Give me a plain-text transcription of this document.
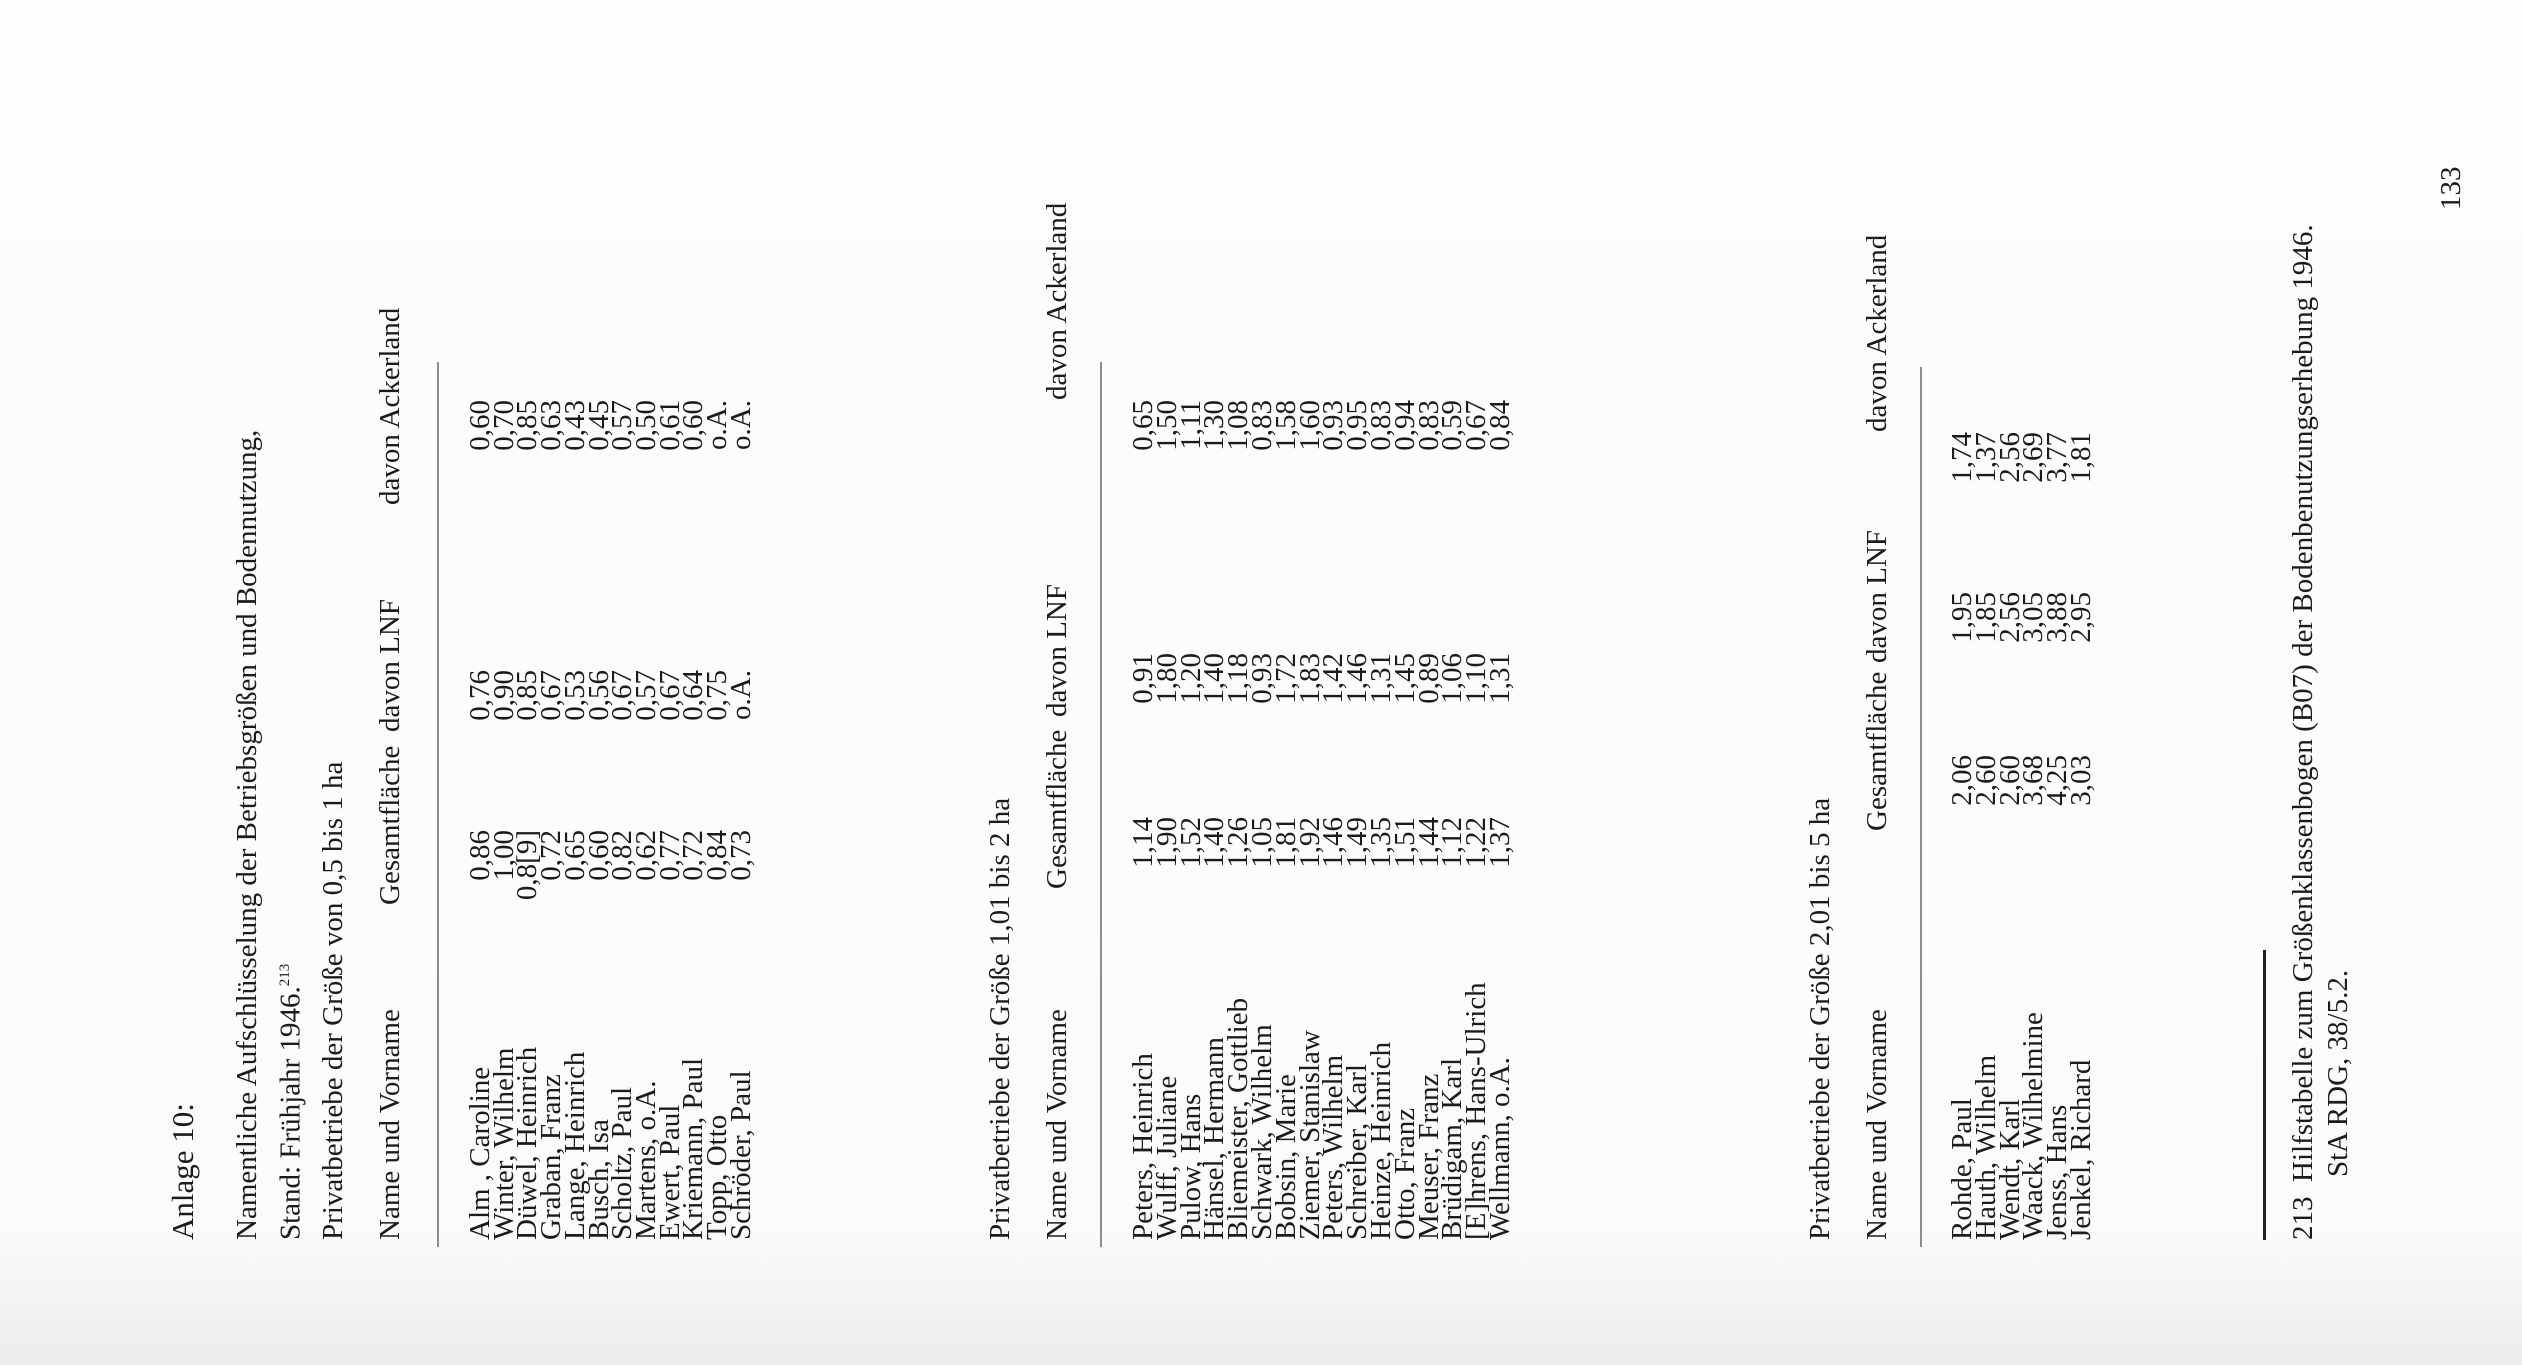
Anlage 10: Namentliche Aufschlüsselung der Betriebsgrößen und Bodennutzung, Stand: Frühjahr 1946.$^{213}$ Privatbetriebe der Größe von 0,5 bis 1 ha Name und Vorname
Gesamtfläche
davon LNF
davon Ackerland
Alm , Caroline
0,86
0,76
0,60
Winter, Wilhelm
1,00
0,90
0,70
Düwel, Heinrich
0,8[9]
0,85
0,85
Graban, Franz
0,72
0,67
0,63
Lange, Heinrich
0,65
0,53
0,43
Busch, Isa
0,60
0,56
0,45
Scholtz, Paul
0,82
0,67
0,57
Martens, o.A.
0,62
0,57
0,50
Ewert, Paul
0,77
0,67
0,61
Kriemann, Paul
0,72
0,64
0,60
Topp, Otto
0,84
0,75
o.A.
Schröder, Paul
0,73
o.A.
o.A.
Privatbetriebe der Größe 1,01 bis 2 ha Name und Vorname
Gesamtfläche
davon LNF
davon Ackerland
Peters, Heinrich
1,14
0,91
0,65
Wulff, Juliane
1,90
1,80
1,50
Pulow, Hans
1,52
1,20
1,11
Hänsel, Hermann
1,40
1,40
1,30
Bliemeister, Gottlieb
1,26
1,18
1,08
Schwark, Wilhelm
1,05
0,93
0,83
Bobsin, Marie
1,81
1,72
1,58
Ziemer, Stanislaw
1,92
1,83
1,60
Peters, Wilhelm
1,46
1,42
0,93
Schreiber, Karl
1,49
1,46
0,95
Heinze, Heinrich
1,35
1,31
0,83
Otto, Franz
1,51
1,45
0,94
Meuser, Franz
1,44
0,89
0,83
Brüdigam, Karl
1,12
1,06
0,59
[E]hrens, Hans-Ulrich
1,22
1,10
0,67
Wellmann, o.A.
1,37
1,31
0,84
Privatbetriebe der Größe 2,01 bis 5 ha Name und Vorname
Gesamtfläche
davon LNF
davon Ackerland
Rohde, Paul
2,06
1,95
1,74
Hauth, Wilhelm
2,60
1,85
1,37
Wendt, Karl
2,60
2,56
2,56
Waack, Wilhelmine
3,68
3,05
2,69
Jenss, Hans
4,25
3,88
3,77
Jenkel, Richard
3,03
2,95
1,81
213  Hilfstabelle zum Größenklassenbogen (B07) der Bodenbenutzungserhebung 1946. StA RDG, 38/5.2.
133
